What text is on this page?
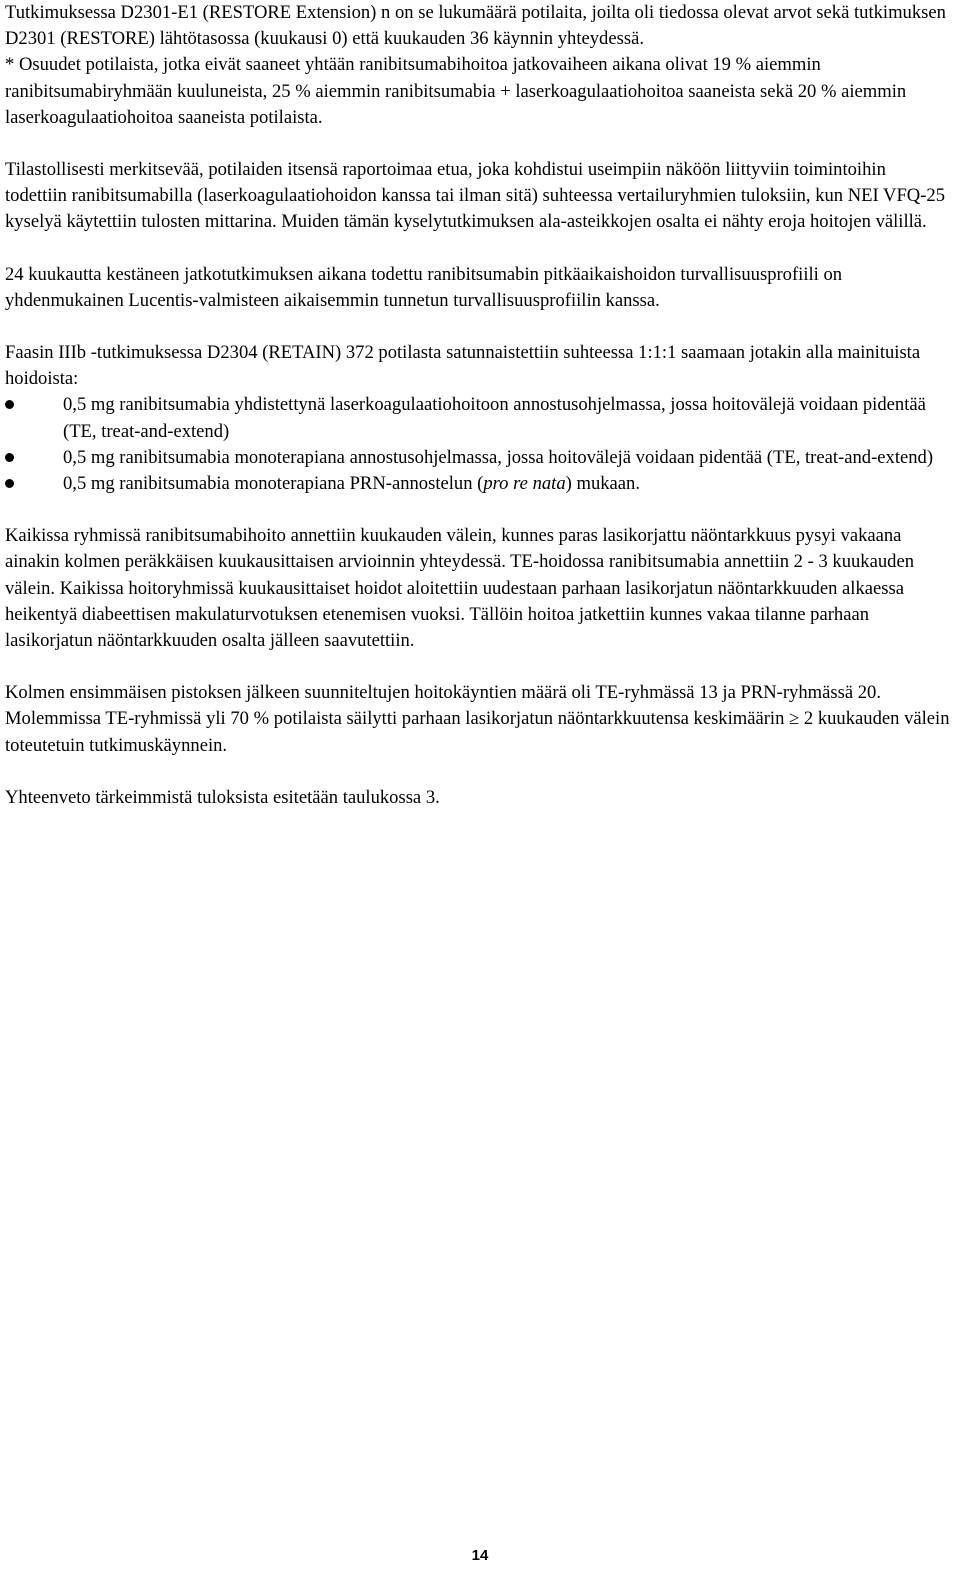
Tutkimuksessa D2301-E1 (RESTORE Extension) n on se lukumäärä potilaita, joilta oli tiedossa olevat arvot sekä tutkimuksen D2301 (RESTORE) lähtötasossa (kuukausi 0) että kuukauden 36 käynnin yhteydessä.

* Osuudet potilaista, jotka eivät saaneet yhtään ranibitsumabihoitoa jatkovaiheen aikana olivat 19 % aiemmin ranibitsumabiryhmään kuuluneista, 25 % aiemmin ranibitsumabia + laserkoagulaatiohoitoa saaneista sekä 20 % aiemmin laserkoagulaatiohoitoa saaneista potilaista.

Tilastollisesti merkitsevää, potilaiden itsensä raportoimaa etua, joka kohdistui useimpiin näköön liittyviin toimintoihin todettiin ranibitsumabilla (laserkoagulaatiohoidon kanssa tai ilman sitä) suhteessa vertailuryhmien tuloksiin, kun NEI VFQ-25 kyselyä käytettiin tulosten mittarina. Muiden tämän kyselytutkimuksen ala-asteikkojen osalta ei nähty eroja hoitojen välillä.

24 kuukautta kestäneen jatkotutkimuksen aikana todettu ranibitsumabin pitkäaikaishoidon turvallisuusprofiili on yhdenmukainen Lucentis-valmisteen aikaisemmin tunnetun turvallisuusprofiilin kanssa.

Faasin IIIb -tutkimuksessa D2304 (RETAIN) 372 potilasta satunnaistettiin suhteessa 1:1:1 saamaan jotakin alla mainituista hoidoista:

0,5 mg ranibitsumabia yhdistettynä laserkoagulaatiohoitoon annostusohjelmassa, jossa hoitovälejä voidaan pidentää (TE, treat-and-extend)
0,5 mg ranibitsumabia monoterapiana annostusohjelmassa, jossa hoitovälejä voidaan pidentää (TE, treat-and-extend)
0,5 mg ranibitsumabia monoterapiana PRN-annostelun (pro re nata) mukaan.

Kaikissa ryhmissä ranibitsumabihoito annettiin kuukauden välein, kunnes paras lasikorjattu näöntarkkuus pysyi vakaana ainakin kolmen peräkkäisen kuukausittaisen arvioinnin yhteydessä. TE-hoidossa ranibitsumabia annettiin 2 - 3 kuukauden välein. Kaikissa hoitoryhmissä kuukausittaiset hoidot aloitettiin uudestaan parhaan lasikorjatun näöntarkkuuden alkaessa heikentyä diabeettisen makulaturvotuksen etenemisen vuoksi. Tällöin hoitoa jatkettiin kunnes vakaa tilanne parhaan lasikorjatun näöntarkkuuden osalta jälleen saavutettiin.

Kolmen ensimmäisen pistoksen jälkeen suunniteltujen hoitokäyntien määrä oli TE-ryhmässä 13 ja PRN-ryhmässä 20. Molemmissa TE-ryhmissä yli 70 % potilaista säilytti parhaan lasikorjatun näöntarkkuutensa keskimäärin ≥ 2 kuukauden välein toteutetuin tutkimuskäynnein.

Yhteenveto tärkeimmistä tuloksista esitetään taulukossa 3.

14
